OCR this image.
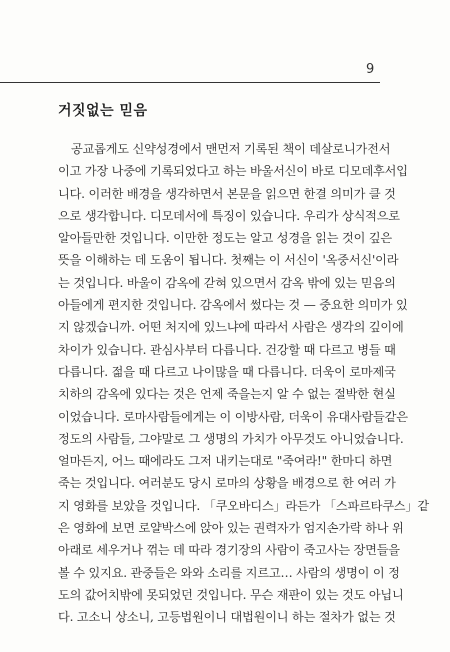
9
거짓없는 믿음
공교롭게도 신약성경에서 맨먼저 기록된 책이 데살로니가전서
이고 가장 나중에 기록되었다고 하는 바울서신이 바로 디모데후서입
니다. 이러한 배경을 생각하면서 본문을 읽으면 한결 의미가 클 것
으로 생각합니다. 디모데서에 특징이 있습니다. 우리가 상식적으로
알아들만한 것입니다. 이만한 정도는 알고 성경을 읽는 것이 깊은
뜻을 이해하는 데 도움이 됩니다. 첫째는 이 서신이 '옥중서신'이라
는 것입니다. 바울이 감옥에 갇혀 있으면서 감옥 밖에 있는 믿음의
아들에게 편지한 것입니다. 감옥에서 썼다는 것 — 중요한 의미가 있
지 않겠습니까. 어떤 처지에 있느냐에 따라서 사람은 생각의 깊이에
차이가 있습니다. 관심사부터 다릅니다. 건강할 때 다르고 병들 때
다릅니다. 젊을 때 다르고 나이많을 때 다릅니다. 더욱이 로마제국
치하의 감옥에 있다는 것은 언제 죽을는지 알 수 없는 절박한 현실
이었습니다. 로마사람들에게는 이 이방사람, 더욱이 유대사람들같은
정도의 사람들, 그야말로 그 생명의 가치가 아무것도 아니었습니다.
얼마든지, 어느 때에라도 그저 내키는대로 "죽여라!" 한마디 하면
죽는 것입니다. 여러분도 당시 로마의 상황을 배경으로 한 여러 가
지 영화를 보았을 것입니다. 「쿠오바디스」라든가 「스파르타쿠스」같
은 영화에 보면 로얄박스에 앉아 있는 권력자가 엄지손가락 하나 위
아래로 세우거나 꺾는 데 따라 경기장의 사람이 죽고사는 장면들을
볼 수 있지요. 관중들은 와와 소리를 지르고… 사람의 생명이 이 정
도의 값어치밖에 못되었던 것입니다. 무슨 재판이 있는 것도 아닙니
다. 고소니 상소니, 고등법원이니 대법원이니 하는 절차가 없는 것
